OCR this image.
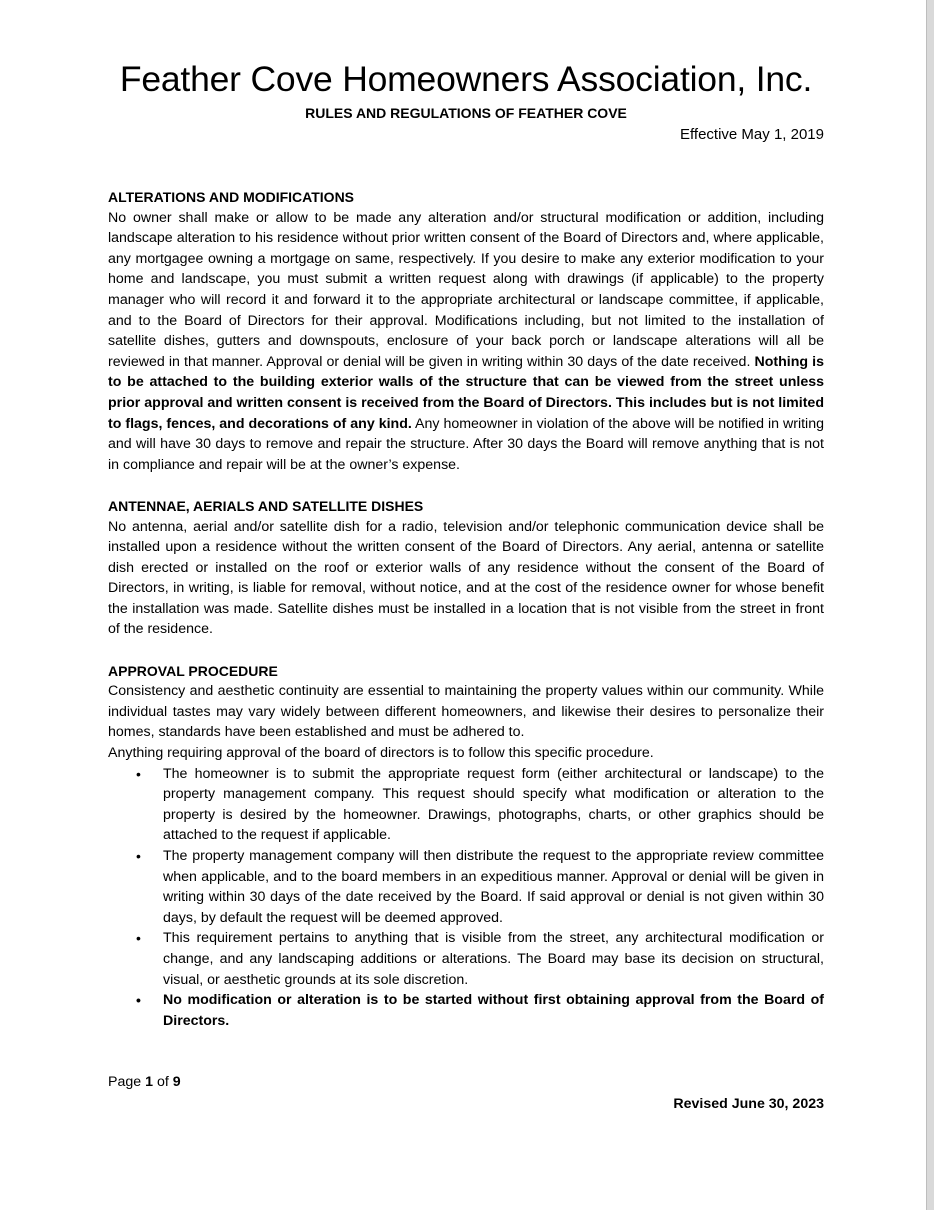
Feather Cove Homeowners Association, Inc.
RULES AND REGULATIONS OF FEATHER COVE
Effective May 1, 2019

ALTERATIONS AND MODIFICATIONS

No owner shall make or allow to be made any alteration and/or structural modification or addition, including landscape alteration to his residence without prior written consent of the Board of Directors and, where applicable, any mortgagee owning a mortgage on same, respectively. If you desire to make any exterior modification to your home and landscape, you must submit a written request along with drawings (if applicable) to the property manager who will record it and forward it to the appropriate architectural or landscape committee, if applicable, and to the Board of Directors for their approval. Modifications including, but not limited to the installation of satellite dishes, gutters and downspouts, enclosure of your back porch or landscape alterations will all be reviewed in that manner. Approval or denial will be given in writing within 30 days of the date received. Nothing is to be attached to the building exterior walls of the structure that can be viewed from the street unless prior approval and written consent is received from the Board of Directors. This includes but is not limited to flags, fences, and decorations of any kind. Any homeowner in violation of the above will be notified in writing and will have 30 days to remove and repair the structure. After 30 days the Board will remove anything that is not in compliance and repair will be at the owner’s expense.

ANTENNAE, AERIALS AND SATELLITE DISHES

No antenna, aerial and/or satellite dish for a radio, television and/or telephonic communication device shall be installed upon a residence without the written consent of the Board of Directors. Any aerial, antenna or satellite dish erected or installed on the roof or exterior walls of any residence without the consent of the Board of Directors, in writing, is liable for removal, without notice, and at the cost of the residence owner for whose benefit the installation was made. Satellite dishes must be installed in a location that is not visible from the street in front of the residence.

APPROVAL PROCEDURE

Consistency and aesthetic continuity are essential to maintaining the property values within our community. While individual tastes may vary widely between different homeowners, and likewise their desires to personalize their homes, standards have been established and must be adhered to.

Anything requiring approval of the board of directors is to follow this specific procedure.

• The homeowner is to submit the appropriate request form (either architectural or landscape) to the property management company. This request should specify what modification or alteration to the property is desired by the homeowner. Drawings, photographs, charts, or other graphics should be attached to the request if applicable.
• The property management company will then distribute the request to the appropriate review committee when applicable, and to the board members in an expeditious manner. Approval or denial will be given in writing within 30 days of the date received by the Board. If said approval or denial is not given within 30 days, by default the request will be deemed approved.
• This requirement pertains to anything that is visible from the street, any architectural modification or change, and any landscaping additions or alterations. The Board may base its decision on structural, visual, or aesthetic grounds at its sole discretion.
• No modification or alteration is to be started without first obtaining approval from the Board of Directors.
Page 1 of 9
Revised June 30, 2023
